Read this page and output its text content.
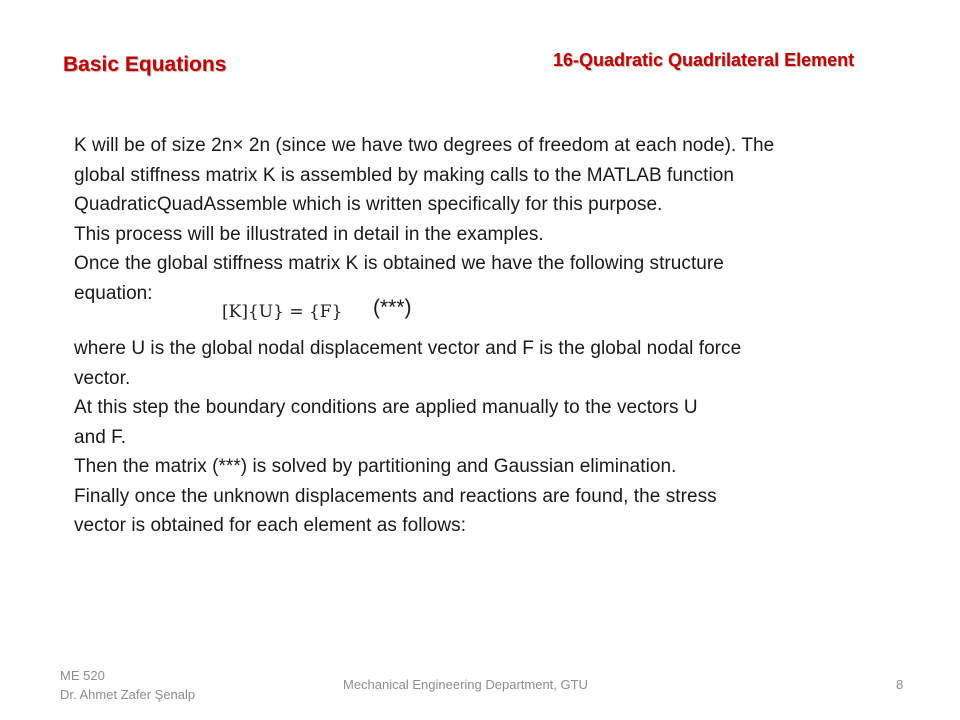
Basic Equations	16-Quadratic Quadrilateral Element
K will be of size 2n× 2n (since we have two degrees of freedom at each node). The
global stiffness matrix K is assembled by making calls to the MATLAB function
QuadraticQuadAssemble which is written specifically for this purpose.
This process will be illustrated in detail in the examples.
Once the global stiffness matrix K is obtained we have the following structure
equation:
[K]{U} = {F} (***)
where U is the global nodal displacement vector and F is the global nodal force
vector.
At this step the boundary conditions are applied manually to the vectors U
and F.
Then the matrix (***) is solved by partitioning and Gaussian elimination.
Finally once the unknown displacements and reactions are found, the stress
vector is obtained for each element as follows:
ME 520
Dr. Ahmet Zafer Şenalp
Mechanical Engineering Department, GTU	8
